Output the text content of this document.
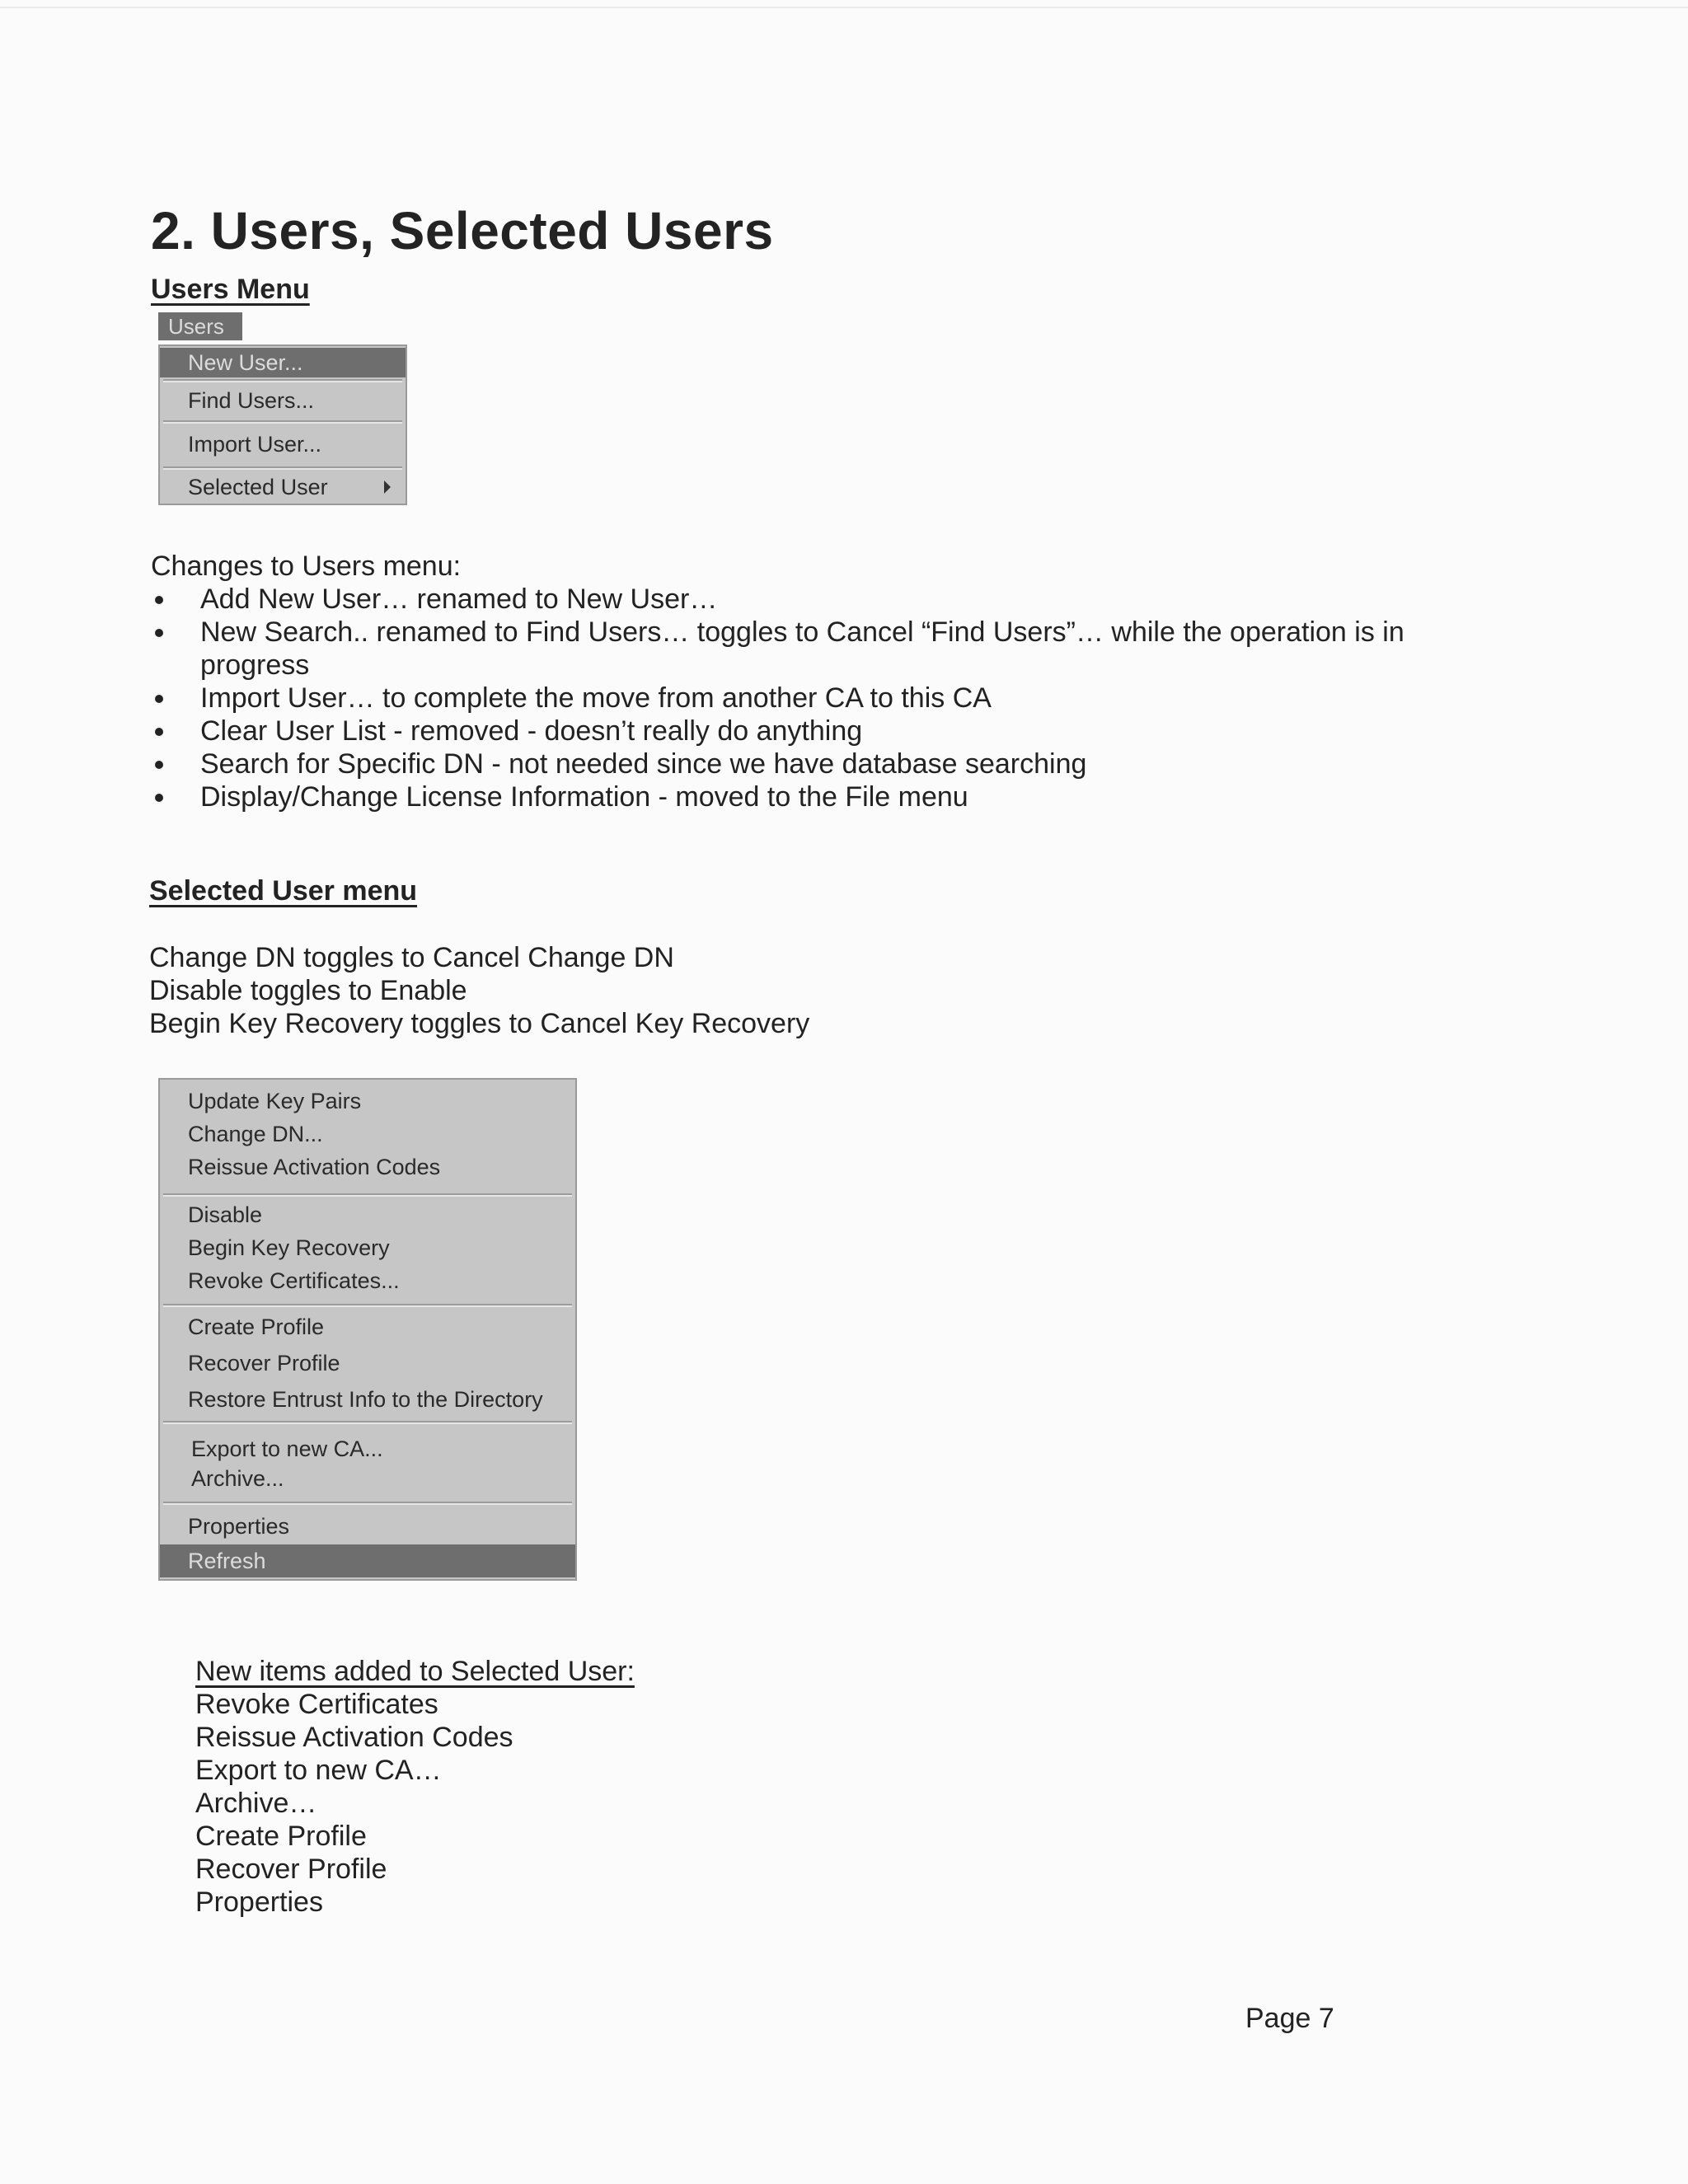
2. Users, Selected Users
Users Menu
Users
New User...
Find Users...
Import User...
Selected User
Changes to Users menu:
Add New User… renamed to New User…
New Search.. renamed to Find Users… toggles to Cancel “Find Users”… while the operation is in progress
Import User… to complete the move from another CA to this CA
Clear User List - removed - doesn’t really do anything
Search for Specific DN - not needed since we have database searching
Display/Change License Information - moved to the File menu
Selected User menu
Change DN toggles to Cancel Change DN
Disable toggles to Enable
Begin Key Recovery toggles to Cancel Key Recovery
Update Key Pairs
Change DN...
Reissue Activation Codes
Disable
Begin Key Recovery
Revoke Certificates...
Create Profile
Recover Profile
Restore Entrust Info to the Directory
Export to new CA...
Archive...
Properties
Refresh
New items added to Selected User:
Revoke Certificates
Reissue Activation Codes
Export to new CA…
Archive…
Create Profile
Recover Profile
Properties
Page 7
